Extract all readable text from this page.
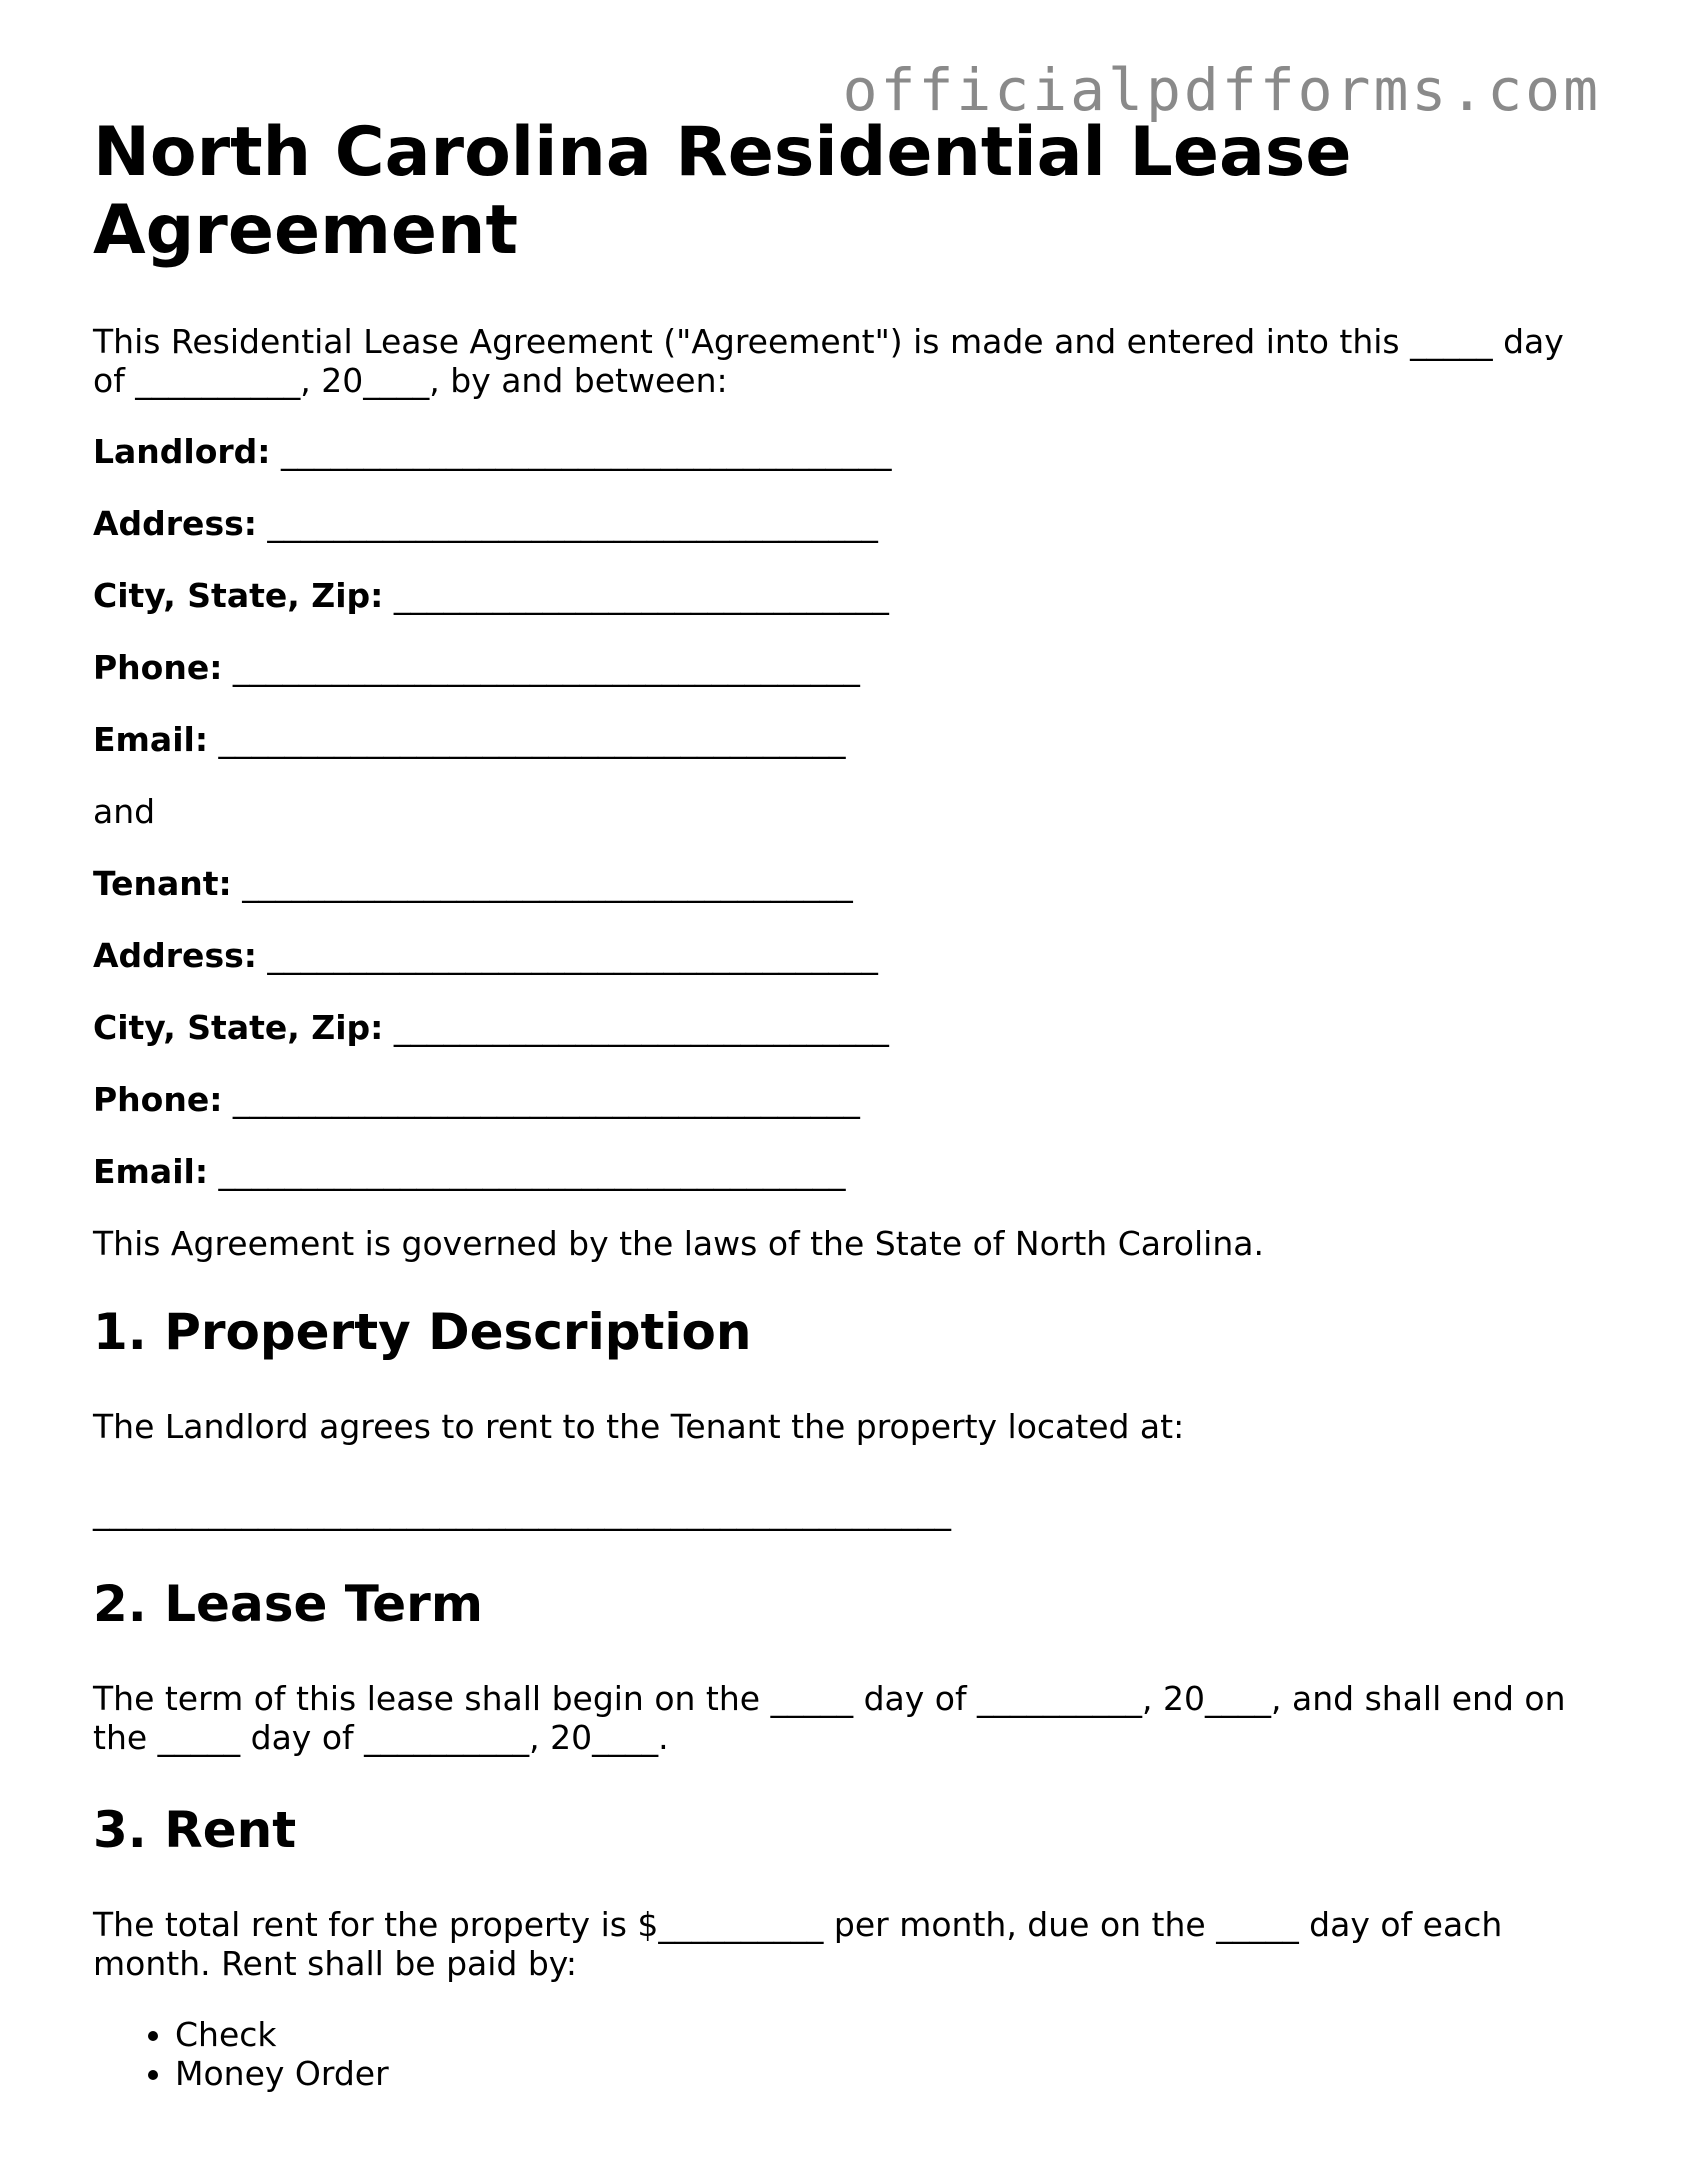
officialpdfforms.com
North Carolina Residential Lease Agreement

This Residential Lease Agreement ("Agreement") is made and entered into this _____ day of __________, 20____, by and between:

Landlord: _____________________________________
Address: _____________________________________
City, State, Zip: ______________________________
Phone: ______________________________________
Email: ______________________________________

and

Tenant: _____________________________________
Address: _____________________________________
City, State, Zip: ______________________________
Phone: ______________________________________
Email: ______________________________________

This Agreement is governed by the laws of the State of North Carolina.

1. Property Description

The Landlord agrees to rent to the Tenant the property located at:

____________________________________________________

2. Lease Term

The term of this lease shall begin on the _____ day of __________, 20____, and shall end on the _____ day of __________, 20____.

3. Rent

The total rent for the property is $__________ per month, due on the _____ day of each month. Rent shall be paid by:

• Check
• Money Order
